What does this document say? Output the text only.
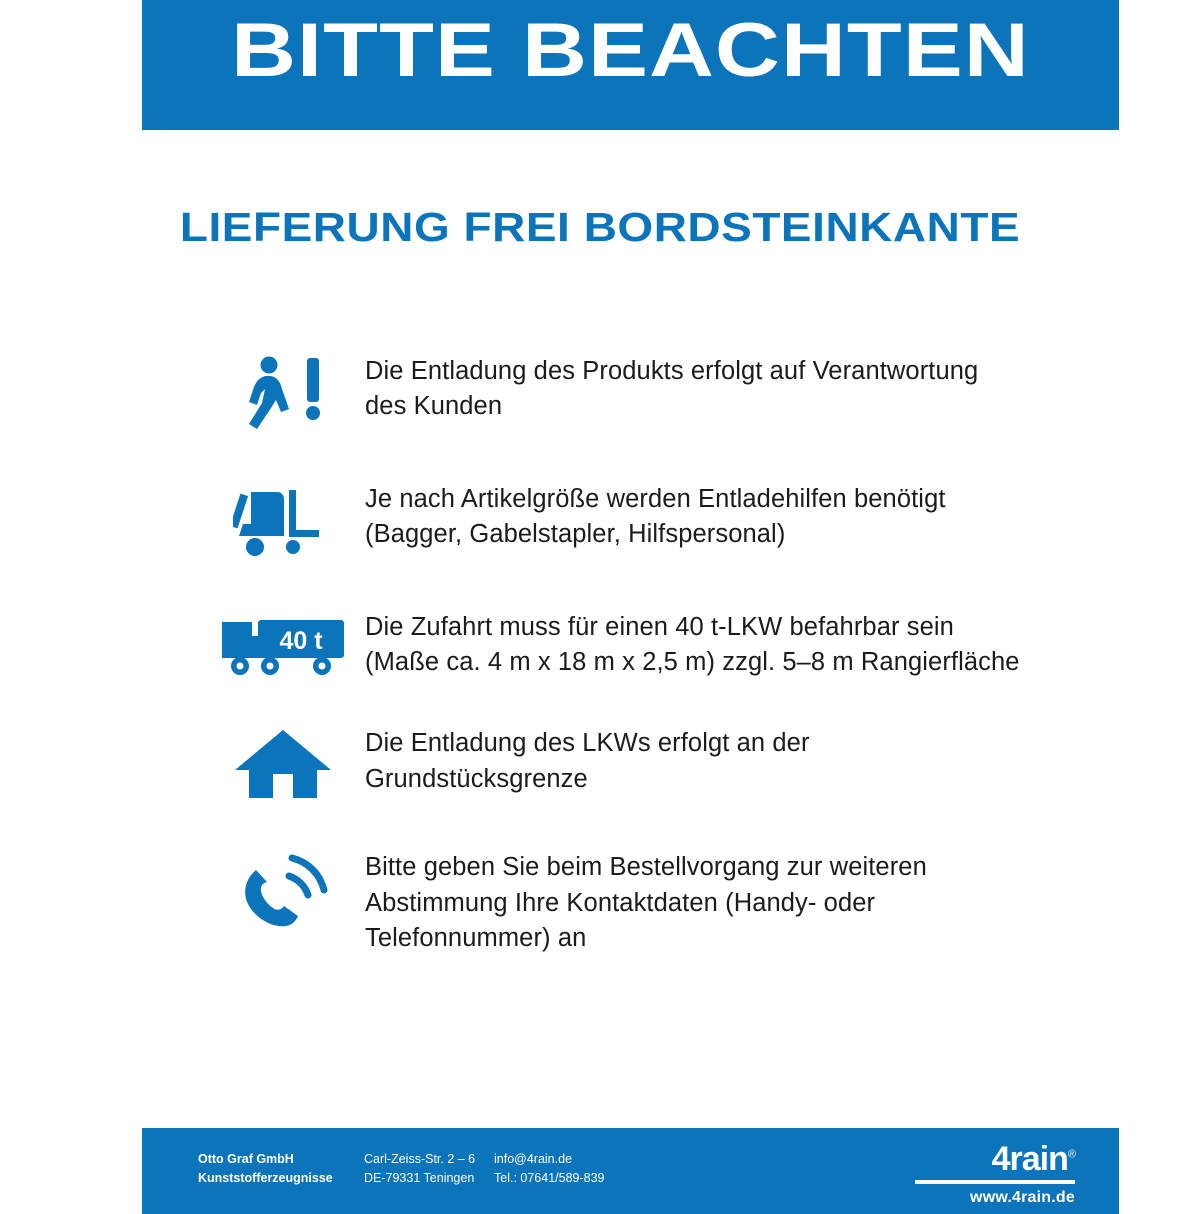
BITTE BEACHTEN
LIEFERUNG FREI BORDSTEINKANTE
Die Entladung des Produkts erfolgt auf Verantwortung des Kunden
Je nach Artikelgröße werden Entladehilfen benötigt (Bagger, Gabelstapler, Hilfspersonal)
40 t Die Zufahrt muss für einen 40 t-LKW befahrbar sein (Maße ca. 4 m x 18 m x 2,5 m) zzgl. 5–8 m Rangierfläche
Die Entladung des LKWs erfolgt an der Grundstücksgrenze
Bitte geben Sie beim Bestellvorgang zur weiteren Abstimmung Ihre Kontaktdaten (Handy- oder Telefonnummer) an
Otto Graf GmbH
Kunststofferzeugnisse
Carl-Zeiss-Str. 2 – 6
DE-79331 Teningen
info@4rain.de
Tel.: 07641/589-839	4rain®
www.4rain.de
